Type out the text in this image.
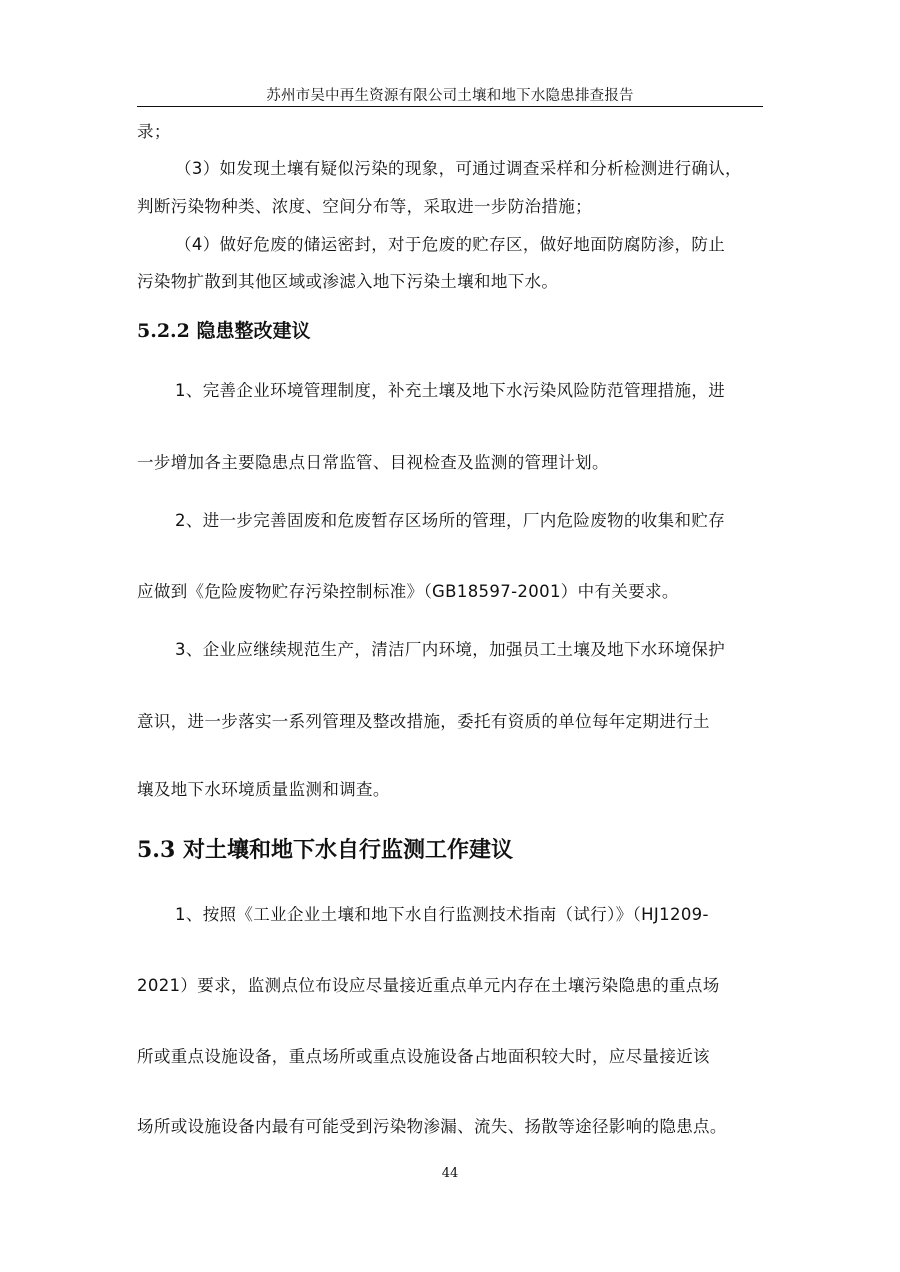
苏州市吴中再生资源有限公司土壤和地下水隐患排查报告
录；
（3）如发现土壤有疑似污染的现象，可通过调查采样和分析检测进行确认，
判断污染物种类、浓度、空间分布等，采取进一步防治措施；
（4）做好危废的储运密封，对于危废的贮存区，做好地面防腐防渗，防止
污染物扩散到其他区域或渗滤入地下污染土壤和地下水。
5.2.2 隐患整改建议
1、完善企业环境管理制度，补充土壤及地下水污染风险防范管理措施，进
一步增加各主要隐患点日常监管、目视检查及监测的管理计划。
2、进一步完善固废和危废暂存区场所的管理，厂内危险废物的收集和贮存
应做到《危险废物贮存污染控制标准》（GB18597-2001）中有关要求。
3、企业应继续规范生产，清洁厂内环境，加强员工土壤及地下水环境保护
意识，进一步落实一系列管理及整改措施，委托有资质的单位每年定期进行土
壤及地下水环境质量监测和调查。
5.3 对土壤和地下水自行监测工作建议
1、按照《工业企业土壤和地下水自行监测技术指南（试行）》（HJ1209-
2021）要求，监测点位布设应尽量接近重点单元内存在土壤污染隐患的重点场
所或重点设施设备，重点场所或重点设施设备占地面积较大时，应尽量接近该
场所或设施设备内最有可能受到污染物渗漏、流失、扬散等途径影响的隐患点。
44
